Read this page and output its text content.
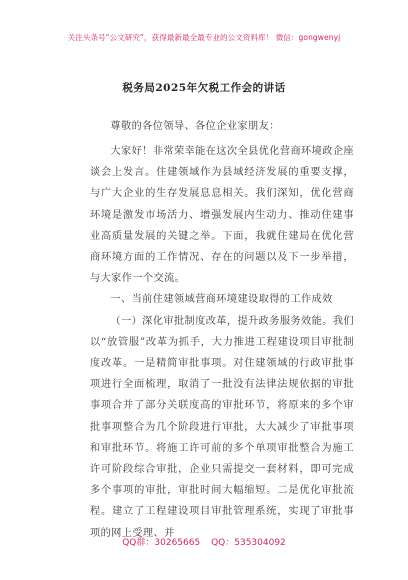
关注头条号“公文研究”，获得最新最全最专业的公文资料库！ 微信：gongwenyj
税务局2025年欠税工作会的讲话

尊敬的各位领导、各位企业家朋友：

大家好！非常荣幸能在这次全县优化营商环境政企座谈会上发言。住建领域作为县域经济发展的重要支撑，与广大企业的生存发展息息相关。我们深知，优化营商环境是激发市场活力、增强发展内生动力、推动住建事业高质量发展的关键之举。下面，我就住建局在优化营商环境方面的工作情况、存在的问题以及下一步举措，与大家作一个交流。

一、当前住建领域营商环境建设取得的工作成效

（一）深化审批制度改革，提升政务服务效能。我们以“放管服”改革为抓手，大力推进工程建设项目审批制度改革。一是精简审批事项。对住建领域的行政审批事项进行全面梳理，取消了一批没有法律法规依据的审批事项合并了部分关联度高的审批环节，将原来的多个审批事项整合为几个阶段进行审批，大大减少了审批事项和审批环节。将施工许可前的多个单项审批整合为施工许可阶段综合审批，企业只需提交一套材料，即可完成多个事项的审批，审批时间大幅缩短。二是优化审批流程。建立了工程建设项目审批管理系统，实现了审批事项的网上受理、并

QQ群：30265665 QQ：535304092
